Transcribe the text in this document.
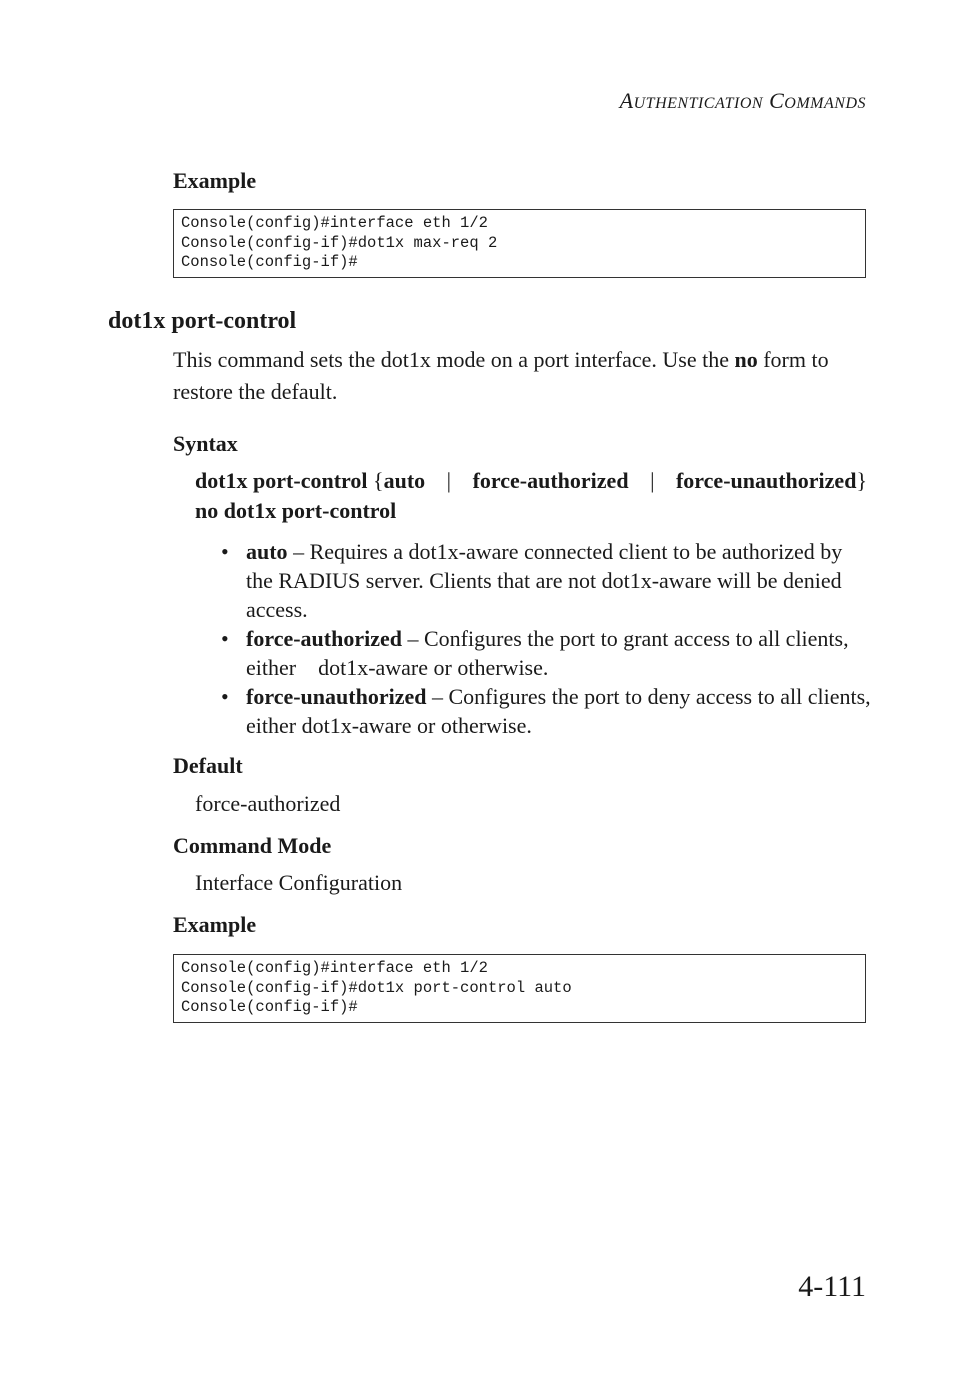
AUTHENTICATION COMMANDS
Example
Console(config)#interface eth 1/2
Console(config-if)#dot1x max-req 2
Console(config-if)#
dot1x port-control
This command sets the dot1x mode on a port interface. Use the no form to restore the default.
Syntax
dot1x port-control {auto | force-authorized | force-unauthorized}
no dot1x port-control
• auto – Requires a dot1x-aware connected client to be authorized by the RADIUS server. Clients that are not dot1x-aware will be denied access.
• force-authorized – Configures the port to grant access to all clients, either    dot1x-aware or otherwise.
• force-unauthorized – Configures the port to deny access to all clients, either dot1x-aware or otherwise.
Default
force-authorized
Command Mode
Interface Configuration
Example
Console(config)#interface eth 1/2
Console(config-if)#dot1x port-control auto
Console(config-if)#
4-111
